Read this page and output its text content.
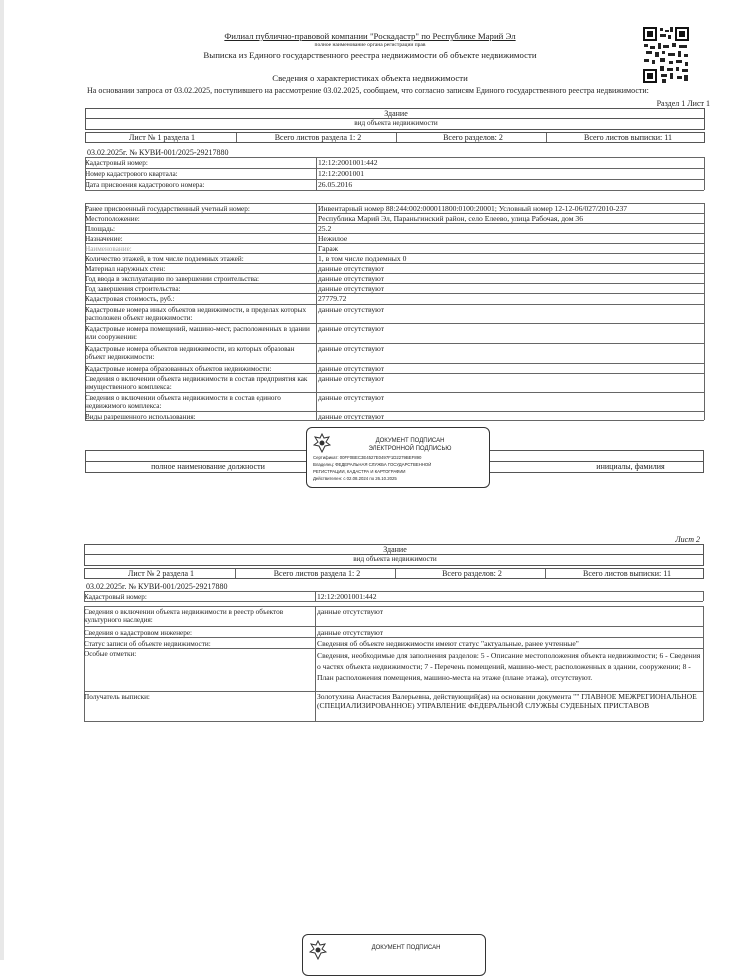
Филиал публично-правовой компании "Роскадастр" по Республике Марий Эл
полное наименование органа регистрации прав
Выписка из Единого государственного реестра недвижимости об объекте недвижимости
Сведения о характеристиках объекта недвижимости
На основании запроса от 03.02.2025, поступившего на рассмотрение 03.02.2025, сообщаем, что согласно записям Единого государственного реестра недвижимости:
Раздел 1 Лист 1
Здание
вид объекта недвижимости
Лист № 1 раздела 1	Всего листов раздела 1: 2	Всего разделов: 2	Всего листов выписки: 11
03.02.2025г. № КУВИ-001/2025-29217880
Кадастровый номер:	12:12:2001001:442
Номер кадастрового квартала:	12:12:2001001
Дата присвоения кадастрового номера:	26.05.2016
Ранее присвоенный государственный учетный номер:	Инвентарный номер 88:244:002:000011800:0100:20001; Условный номер 12-12-06/027/2010-237
Местоположение:	Республика Марий Эл, Параньгинский район, село Елеево, улица Рабочая, дом 36
Площадь:	25.2
Назначение:	Нежилое
Наименование:	Гараж
Количество этажей, в том числе подземных этажей:	1, в том числе подземных 0
Материал наружных стен:	данные отсутствуют
Год ввода в эксплуатацию по завершении строительства:	данные отсутствуют
Год завершения строительства:	данные отсутствуют
Кадастровая стоимость, руб.:	27779.72
Кадастровые номера иных объектов недвижимости, в пределах которых расположен объект недвижимости:
данные отсутствуют
Кадастровые номера помещений, машино-мест, расположенных в здании или сооружении:
данные отсутствуют
Кадастровые номера объектов недвижимости, из которых образован объект недвижимости:
данные отсутствуют
Кадастровые номера образованных объектов недвижимости:	данные отсутствуют
Сведения о включении объекта недвижимости в состав предприятия как имущественного комплекса:
данные отсутствуют
Сведения о включении объекта недвижимости в состав единого недвижимого комплекса:
данные отсутствуют
Виды разрешенного использования:	данные отсутствуют
полное наименование должности	инициалы, фамилия
ДОКУМЕНТ ПОДПИСАН
ЭЛЕКТРОННОЙ ПОДПИСЬЮ
Сертификат: 00FF0BEC3E4527E0497F1D2279BEF890
Владелец: ФЕДЕРАЛЬНАЯ СЛУЖБА ГОСУДАРСТВЕННОЙ
РЕГИСТРАЦИИ, КАДАСТРА И КАРТОГРАФИИ
Действителен: с 02.08.2024 по 26.10.2025
Лист 2
Здание
вид объекта недвижимости
Лист № 2 раздела 1	Всего листов раздела 1: 2	Всего разделов: 2	Всего листов выписки: 11
03.02.2025г. № КУВИ-001/2025-29217880
Кадастровый номер:	12:12:2001001:442
Сведения о включении объекта недвижимости в реестр объектов культурного наследия:
данные отсутствуют
Сведения о кадастровом инженере:	данные отсутствуют
Статус записи об объекте недвижимости:	Сведения об объекте недвижимости имеют статус "актуальные, ранее учтенные"
Особые отметки:	Сведения, необходимые для заполнения разделов: 5 - Описание местоположения объекта недвижимости; 6 - Сведения о частях объекта недвижимости; 7 - Перечень помещений, машино-мест, расположенных в здании, сооружении; 8 - План расположения помещения, машино-места на этаже (плане этажа), отсутствуют.
Получатель выписки:	Золотухина Анастасия Валерьевна, действующий(ая) на основании документа "" ГЛАВНОЕ МЕЖРЕГИОНАЛЬНОЕ (СПЕЦИАЛИЗИРОВАННОЕ) УПРАВЛЕНИЕ ФЕДЕРАЛЬНОЙ СЛУЖБЫ СУДЕБНЫХ ПРИСТАВОВ
ДОКУМЕНТ ПОДПИСАН
